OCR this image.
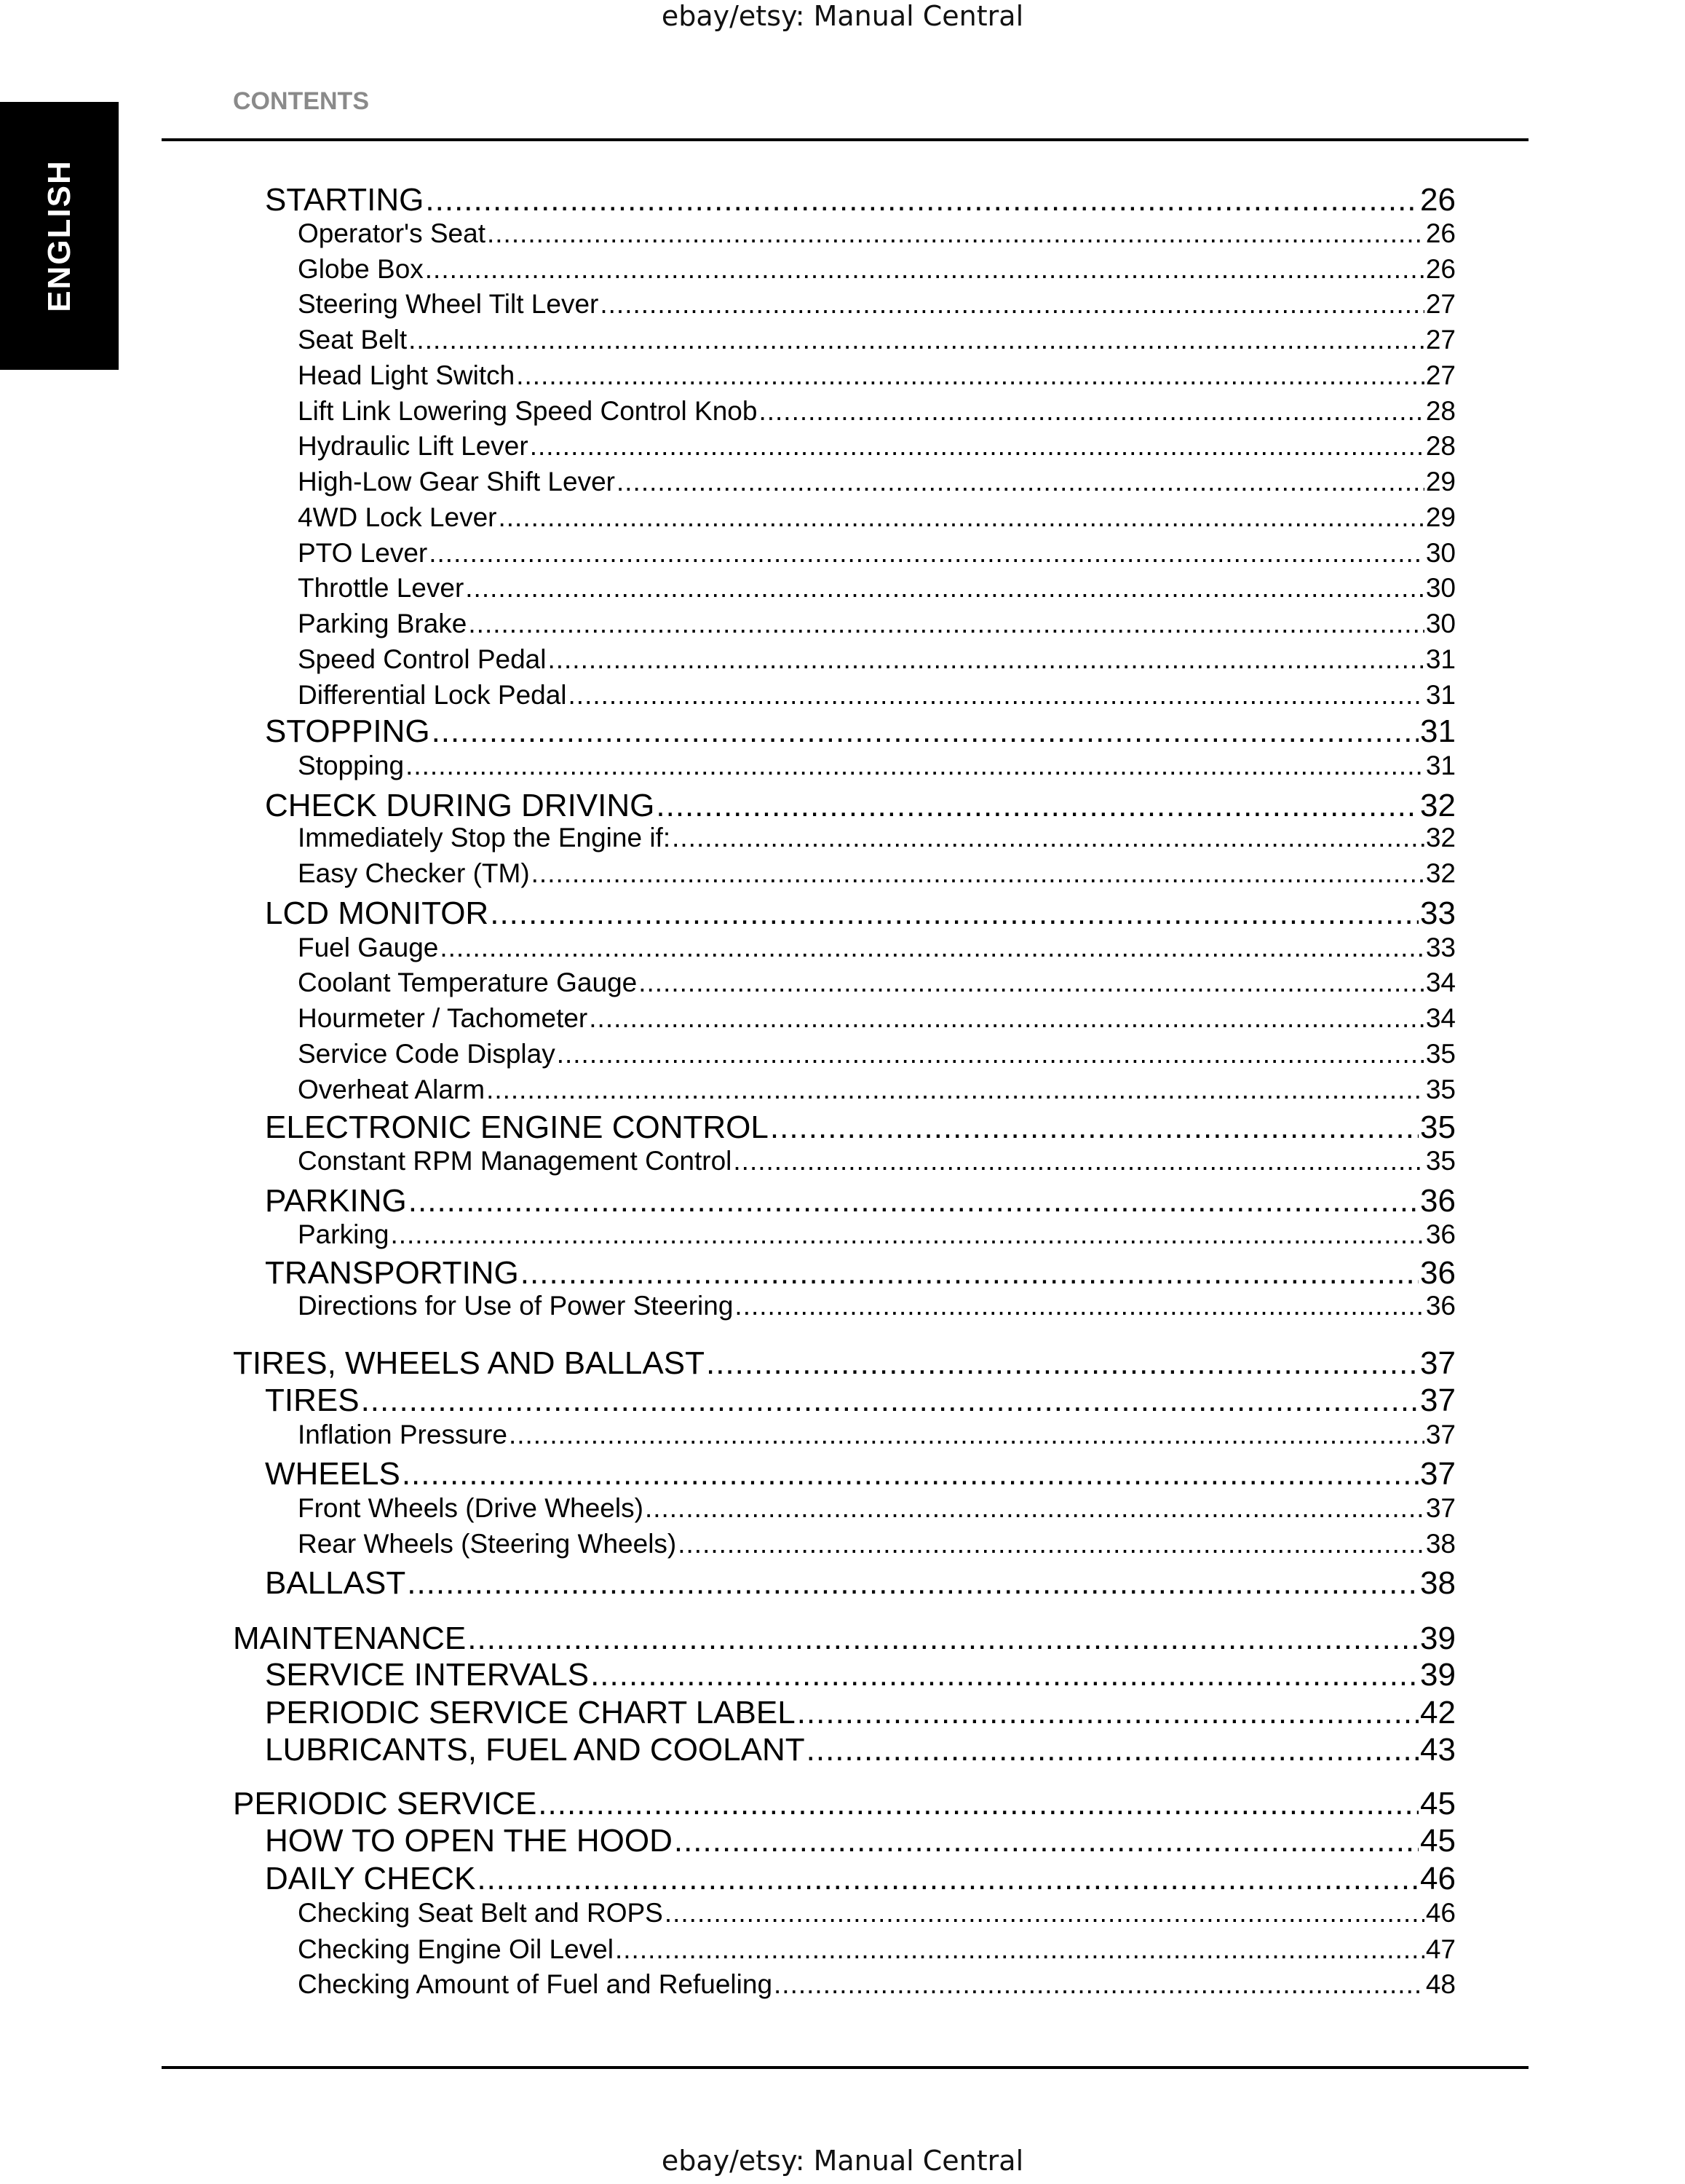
ebay/etsy: Manual Central
ENGLISH
CONTENTS
STARTING .....	26
Operator's Seat .....	26
Globe Box .....	26
Steering Wheel Tilt Lever .....	27
Seat Belt .....	27
Head Light Switch .....	27
Lift Link Lowering Speed Control Knob .....	28
Hydraulic Lift Lever .....	28
High-Low Gear Shift Lever .....	29
4WD Lock Lever .....	29
PTO Lever .....	30
Throttle Lever .....	30
Parking Brake .....	30
Speed Control Pedal .....	31
Differential Lock Pedal .....	31
STOPPING .....	31
Stopping .....	31
CHECK DURING DRIVING .....	32
Immediately Stop the Engine if: .....	32
Easy Checker (TM) .....	32
LCD MONITOR .....	33
Fuel Gauge .....	33
Coolant Temperature Gauge .....	34
Hourmeter / Tachometer .....	34
Service Code Display .....	35
Overheat Alarm .....	35
ELECTRONIC ENGINE CONTROL .....	35
Constant RPM Management Control .....	35
PARKING .....	36
Parking .....	36
TRANSPORTING .....	36
Directions for Use of Power Steering .....	36
TIRES, WHEELS AND BALLAST .....	37
TIRES .....	37
Inflation Pressure .....	37
WHEELS .....	37
Front Wheels (Drive Wheels) .....	37
Rear Wheels (Steering Wheels) .....	38
BALLAST .....	38
MAINTENANCE .....	39
SERVICE INTERVALS .....	39
PERIODIC SERVICE CHART LABEL .....	42
LUBRICANTS, FUEL AND COOLANT .....	43
PERIODIC SERVICE .....	45
HOW TO OPEN THE HOOD .....	45
DAILY CHECK .....	46
Checking Seat Belt and ROPS .....	46
Checking Engine Oil Level .....	47
Checking Amount of Fuel and Refueling .....	48
ebay/etsy: Manual Central
